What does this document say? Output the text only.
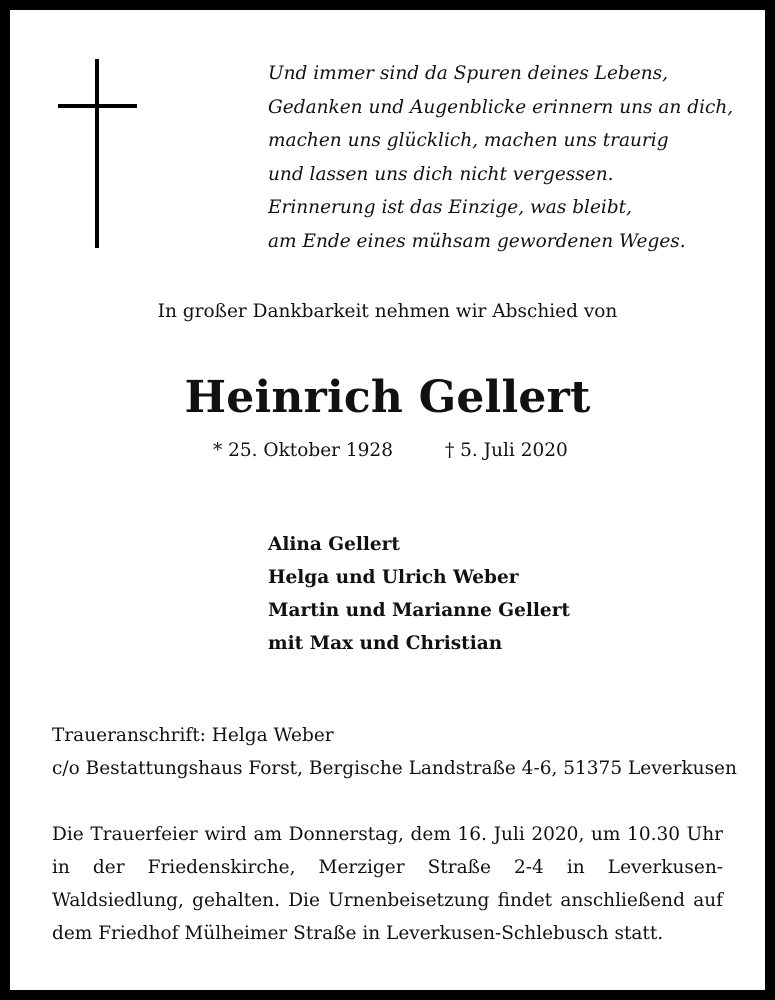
Und immer sind da Spuren deines Lebens,
Gedanken und Augenblicke erinnern uns an dich,
machen uns glücklich, machen uns traurig
und lassen uns dich nicht vergessen.
Erinnerung ist das Einzige, was bleibt,
am Ende eines mühsam gewordenen Weges.
In großer Dankbarkeit nehmen wir Abschied von
Heinrich Gellert
* 25. Oktober 1928	† 5. Juli 2020
Alina Gellert
Helga und Ulrich Weber
Martin und Marianne Gellert
mit Max und Christian
Traueranschrift: Helga Weber
c/o Bestattungshaus Forst, Bergische Landstraße 4-6, 51375 Leverkusen

Die Trauerfeier wird am Donnerstag, dem 16. Juli 2020, um 10.30 Uhr in der Friedenskirche, Merziger Straße 2-4 in Leverkusen-Waldsiedlung, gehalten. Die Urnenbeisetzung findet anschließend auf dem Friedhof Mülheimer Straße in Leverkusen-Schlebusch statt.
